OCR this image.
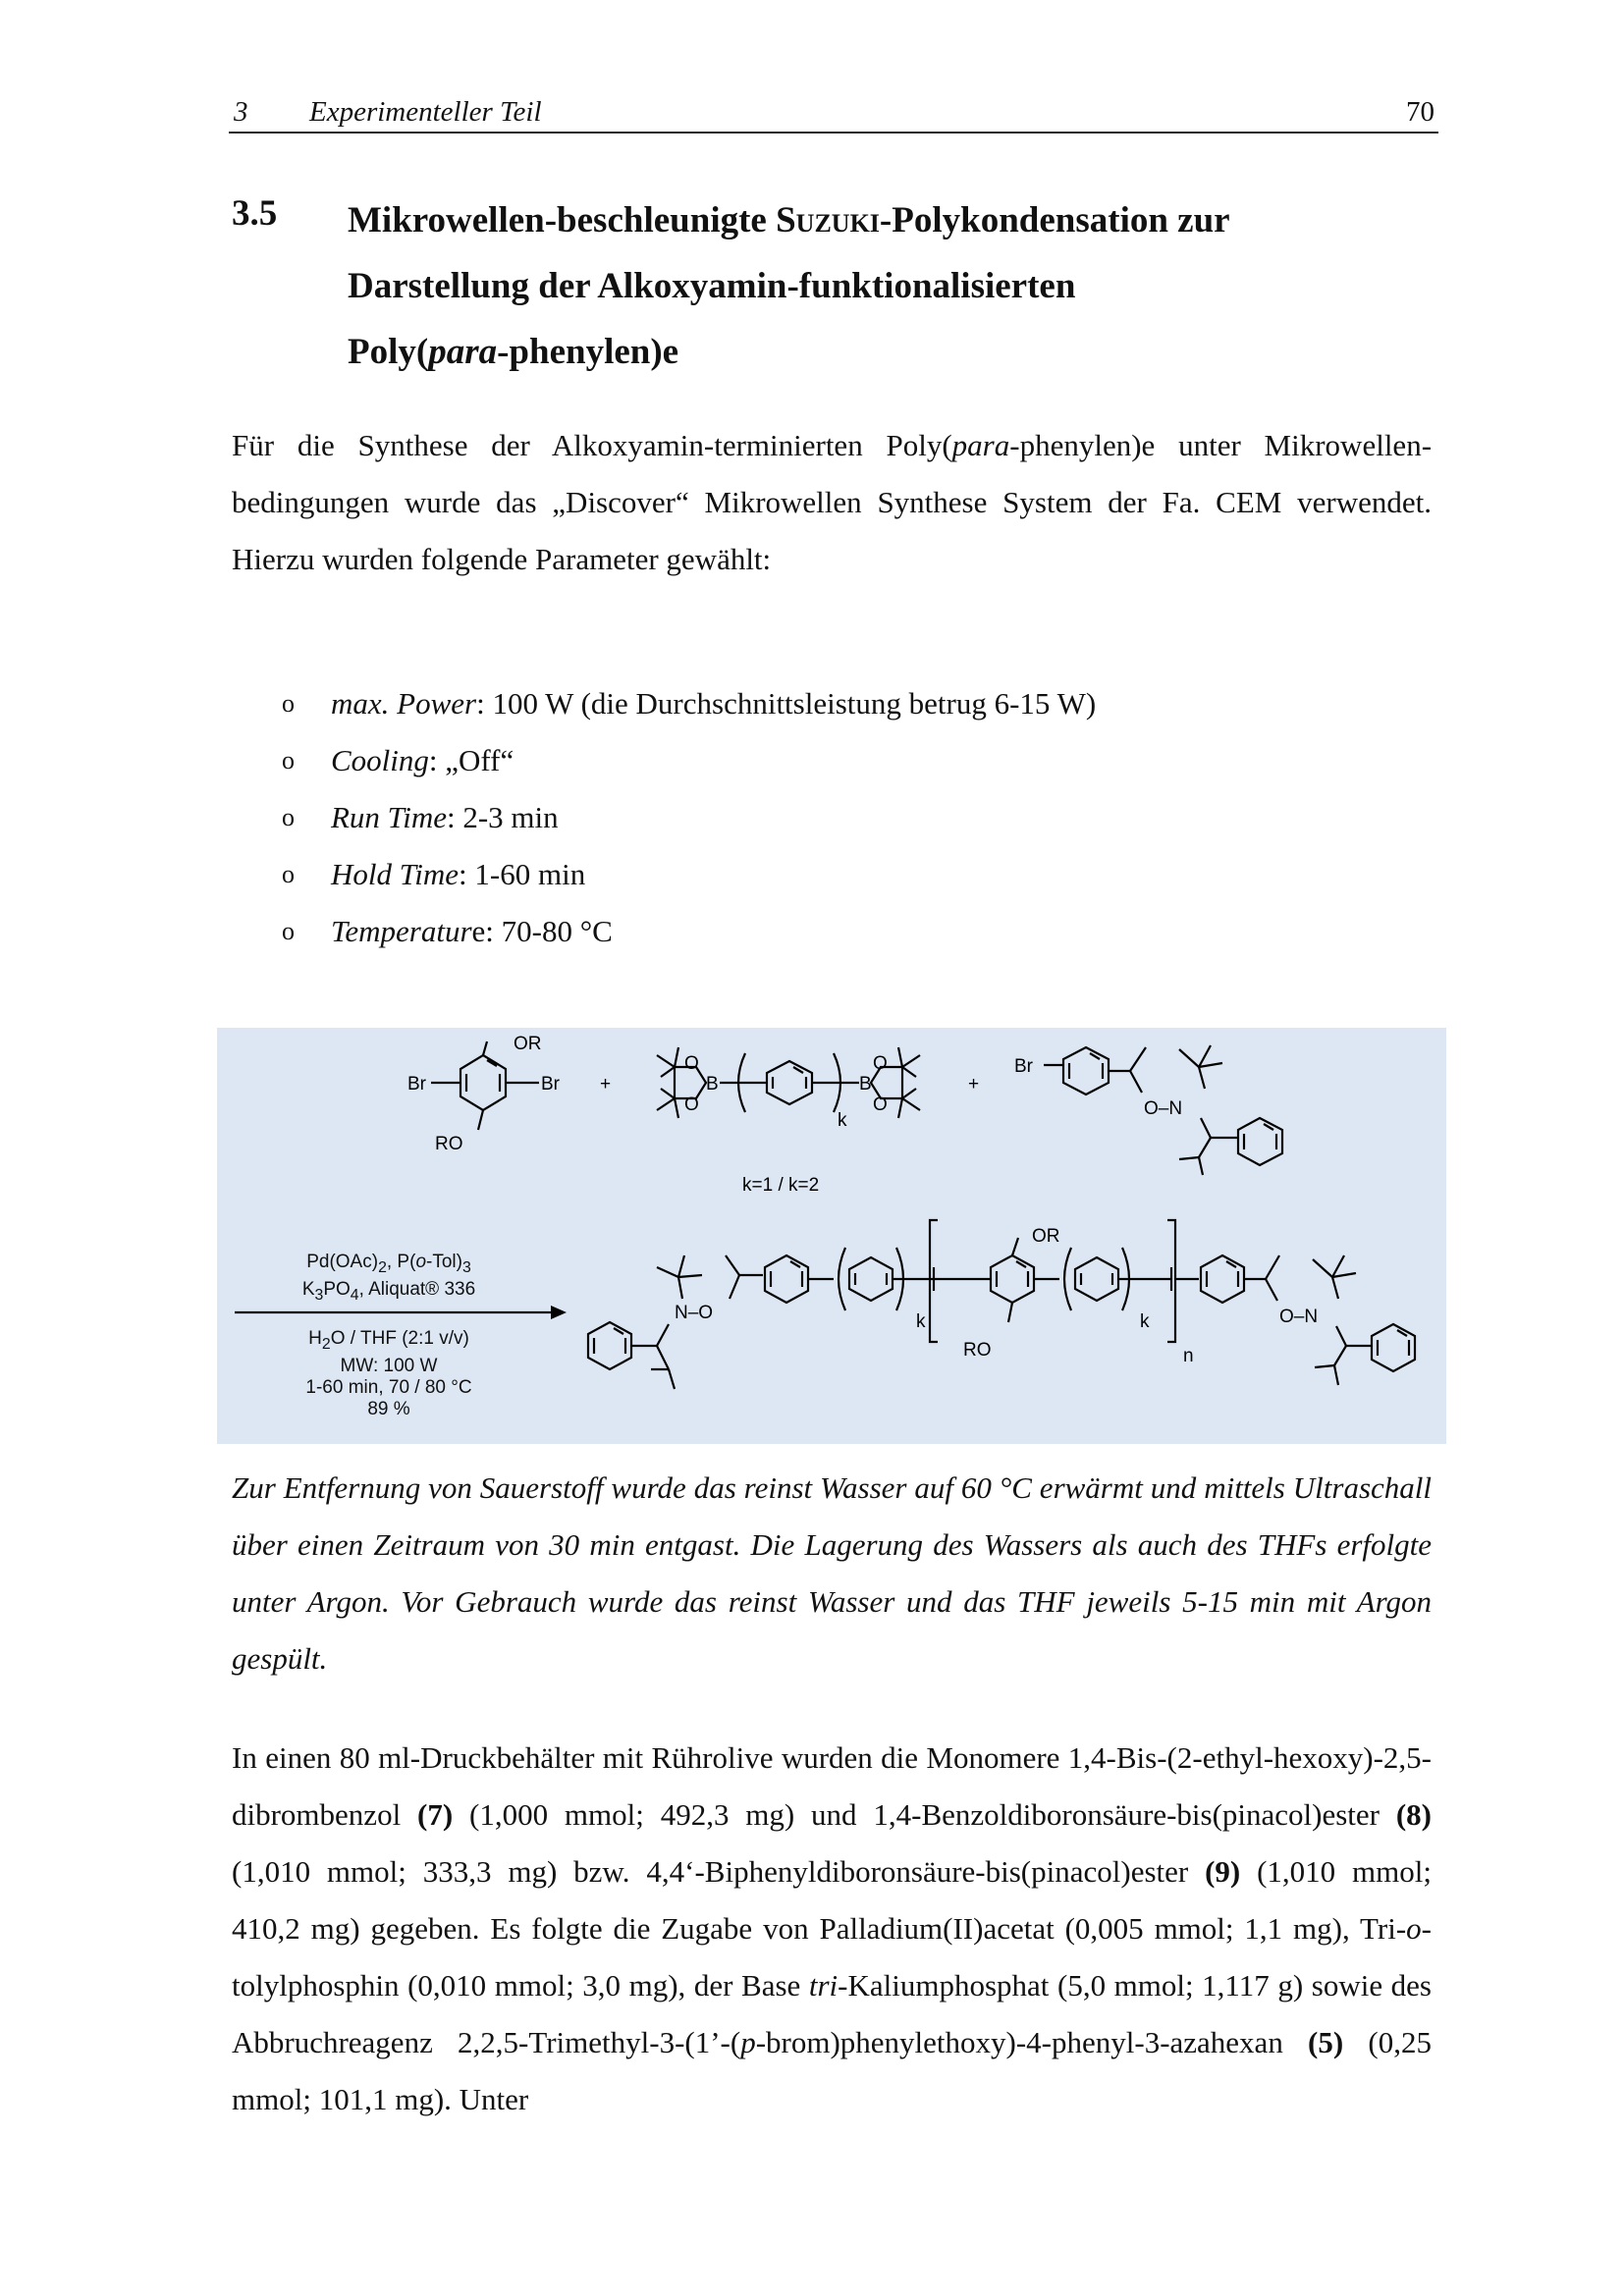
3 Experimenteller Teil	70
3.5 Mikrowellen-beschleunigte Suzuki-Polykondensation zur
Darstellung der Alkoxyamin-funktionalisierten
Poly(para-phenylen)e
Für die Synthese der Alkoxyamin-terminierten Poly(para-phenylen)e unter Mikrowellen-bedingungen wurde das „Discover“ Mikrowellen Synthese System der Fa. CEM verwendet. Hierzu wurden folgende Parameter gewählt:
o max. Power: 100 W (die Durchschnittsleistung betrug 6-15 W)
o Cooling: „Off“
o Run Time: 2-3 min
o Hold Time: 1-60 min
o Temperature: 70-80 °C
OR
Br	Br
RO
+
O
O
B
k
B
O
O
+
k=1 / k=2
Br
O–N
N–O	k
OR
RO
k
n
O–N
$Pd(OAc)_2$, $P(o-Tol)_3$
$K_3PO_4$, Aliquat® 336
$H_2O$ / THF (2:1 v/v)
MW: 100 W
1-60 min, 70 / 80 °C
89 %
Zur Entfernung von Sauerstoff wurde das reinst Wasser auf 60 °C erwärmt und mittels Ultraschall über einen Zeitraum von 30 min entgast. Die Lagerung des Wassers als auch des THFs erfolgte unter Argon. Vor Gebrauch wurde das reinst Wasser und das THF jeweils 5-15 min mit Argon gespült.
In einen 80 ml-Druckbehälter mit Rührolive wurden die Monomere 1,4-Bis-(2-ethyl-hexoxy)-2,5-dibrombenzol (7) (1,000 mmol; 492,3 mg) und 1,4-Benzoldiboronsäure-bis(pinacol)ester (8) (1,010 mmol; 333,3 mg) bzw. 4,4‘-Biphenyldiboronsäure-bis(pinacol)ester (9) (1,010 mmol; 410,2 mg) gegeben. Es folgte die Zugabe von Palladium(II)acetat (0,005 mmol; 1,1 mg), Tri-o-tolylphosphin (0,010 mmol; 3,0 mg), der Base tri-Kaliumphosphat (5,0 mmol; 1,117 g) sowie des Abbruchreagenz 2,2,5-Trimethyl-3-(1’-(p-brom)phenylethoxy)-4-phenyl-3-azahexan (5) (0,25 mmol; 101,1 mg). Unter
